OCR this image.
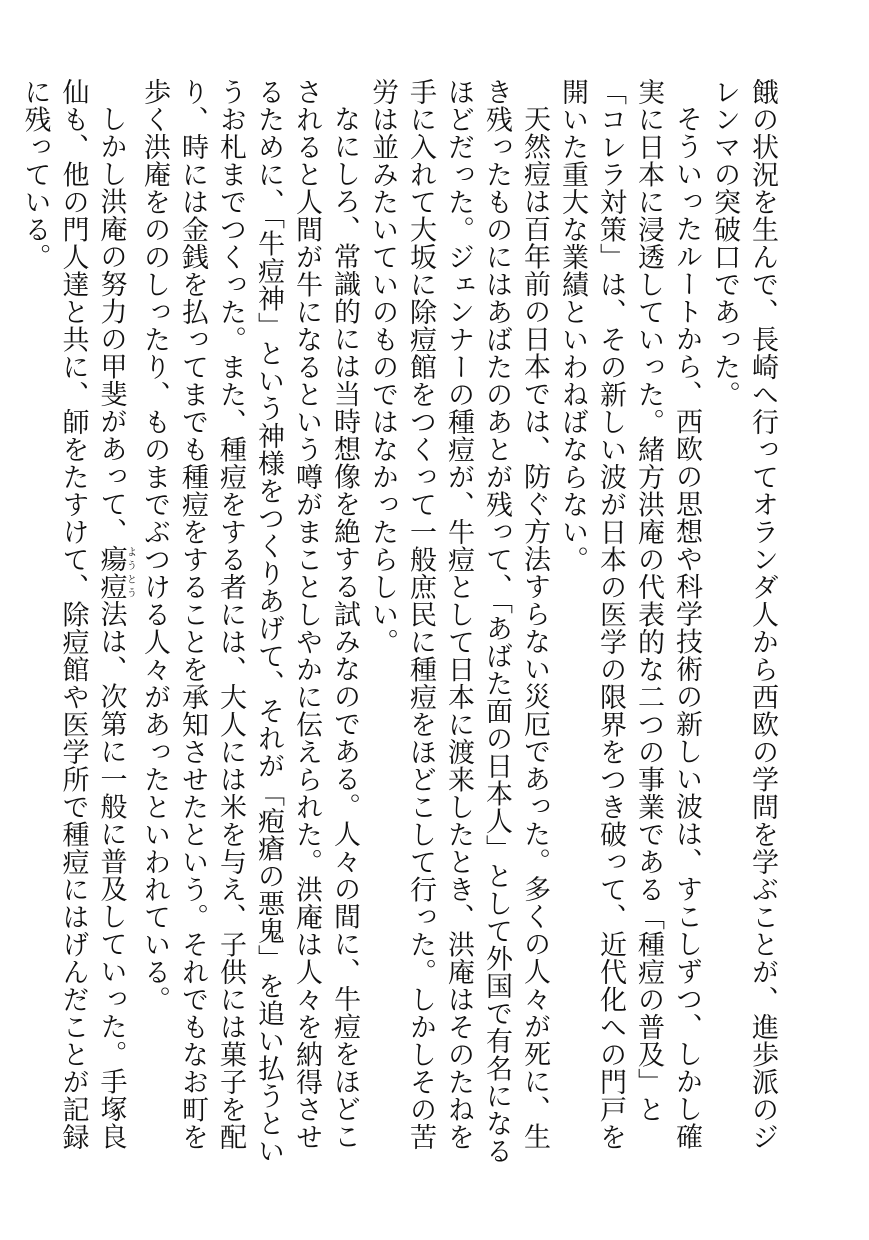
餓の状況を生んで、長崎へ行ってオランダ人から西欧の学問を学ぶことが、進歩派のジレンマの突破口であった。

そういったルートから、西欧の思想や科学技術の新しい波は、すこしずつ、しかし確実に日本に浸透していった。緒方洪庵の代表的な二つの事業である「種痘の普及」と「コレラ対策」は、その新しい波が日本の医学の限界をつき破って、近代化への門戸を開いた重大な業績といわねばならない。

天然痘は百年前の日本では、防ぐ方法すらない災厄であった。多くの人々が死に、生き残ったものにはあばたのあとが残って、「あばた面の日本人」として外国で有名になるほどだった。ジェンナーの種痘が、牛痘として日本に渡来したとき、洪庵はそのたねを手に入れて大坂に除痘館をつくって一般庶民に種痘をほどこして行った。しかしその苦労は並みたいていのものではなかったらしい。

なにしろ、常識的には当時想像を絶する試みなのである。人々の間に、牛痘をほどこされると人間が牛になるという噂がまことしやかに伝えられた。洪庵は人々を納得させるために、「牛痘神」という神様をつくりあげて、それが「疱瘡の悪鬼」を追い払うというお札までつくった。また、種痘をする者には、大人には米を与え、子供には菓子を配り、時には金銭を払ってまでも種痘をすることを承知させたという。それでもなお町を歩く洪庵をののしったり、ものまでぶつける人々があったといわれている。

しかし洪庵の努力の甲斐があって、瘍痘ようとう法は、次第に一般に普及していった。手塚良仙も、他の門人達と共に、師をたすけて、除痘館や医学所で種痘にはげんだことが記録に残っている。
